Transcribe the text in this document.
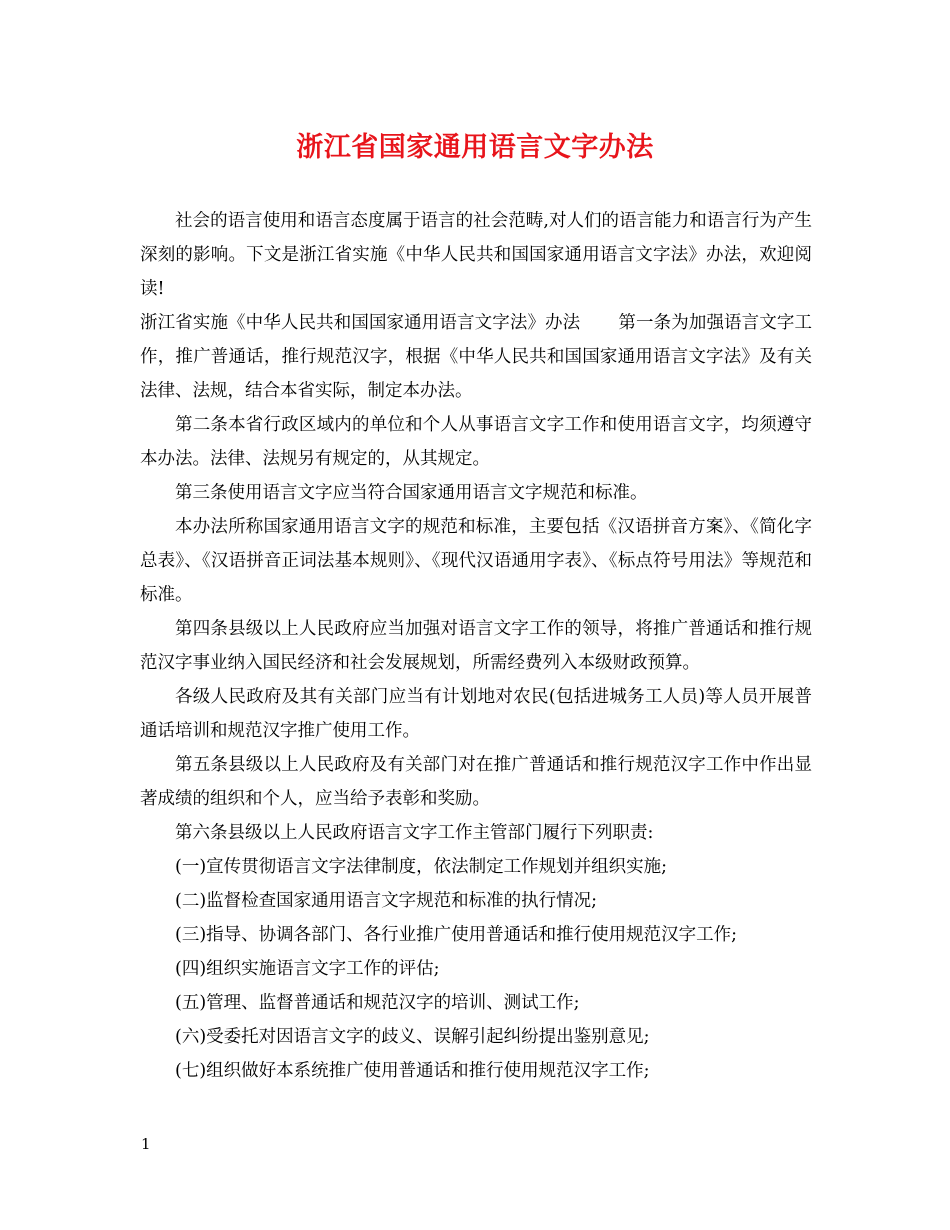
浙江省国家通用语言文字办法

社会的语言使用和语言态度属于语言的社会范畴,对人们的语言能力和语言行为产生深刻的影响。下文是浙江省实施《中华人民共和国国家通用语言文字法》办法，欢迎阅读!

浙江省实施《中华人民共和国国家通用语言文字法》办法 第一条为加强语言文字工作，推广普通话，推行规范汉字，根据《中华人民共和国国家通用语言文字法》及有关法律、法规，结合本省实际，制定本办法。

第二条本省行政区域内的单位和个人从事语言文字工作和使用语言文字，均须遵守本办法。法律、法规另有规定的，从其规定。

第三条使用语言文字应当符合国家通用语言文字规范和标准。

本办法所称国家通用语言文字的规范和标准，主要包括《汉语拼音方案》、《简化字总表》、《汉语拼音正词法基本规则》、《现代汉语通用字表》、《标点符号用法》等规范和标准。

第四条县级以上人民政府应当加强对语言文字工作的领导，将推广普通话和推行规范汉字事业纳入国民经济和社会发展规划，所需经费列入本级财政预算。

各级人民政府及其有关部门应当有计划地对农民(包括进城务工人员)等人员开展普通话培训和规范汉字推广使用工作。

第五条县级以上人民政府及有关部门对在推广普通话和推行规范汉字工作中作出显著成绩的组织和个人，应当给予表彰和奖励。

第六条县级以上人民政府语言文字工作主管部门履行下列职责:

(一)宣传贯彻语言文字法律制度，依法制定工作规划并组织实施;

(二)监督检查国家通用语言文字规范和标准的执行情况;

(三)指导、协调各部门、各行业推广使用普通话和推行使用规范汉字工作;

(四)组织实施语言文字工作的评估;

(五)管理、监督普通话和规范汉字的培训、测试工作;

(六)受委托对因语言文字的歧义、误解引起纠纷提出鉴别意见;

(七)组织做好本系统推广使用普通话和推行使用规范汉字工作;

1
